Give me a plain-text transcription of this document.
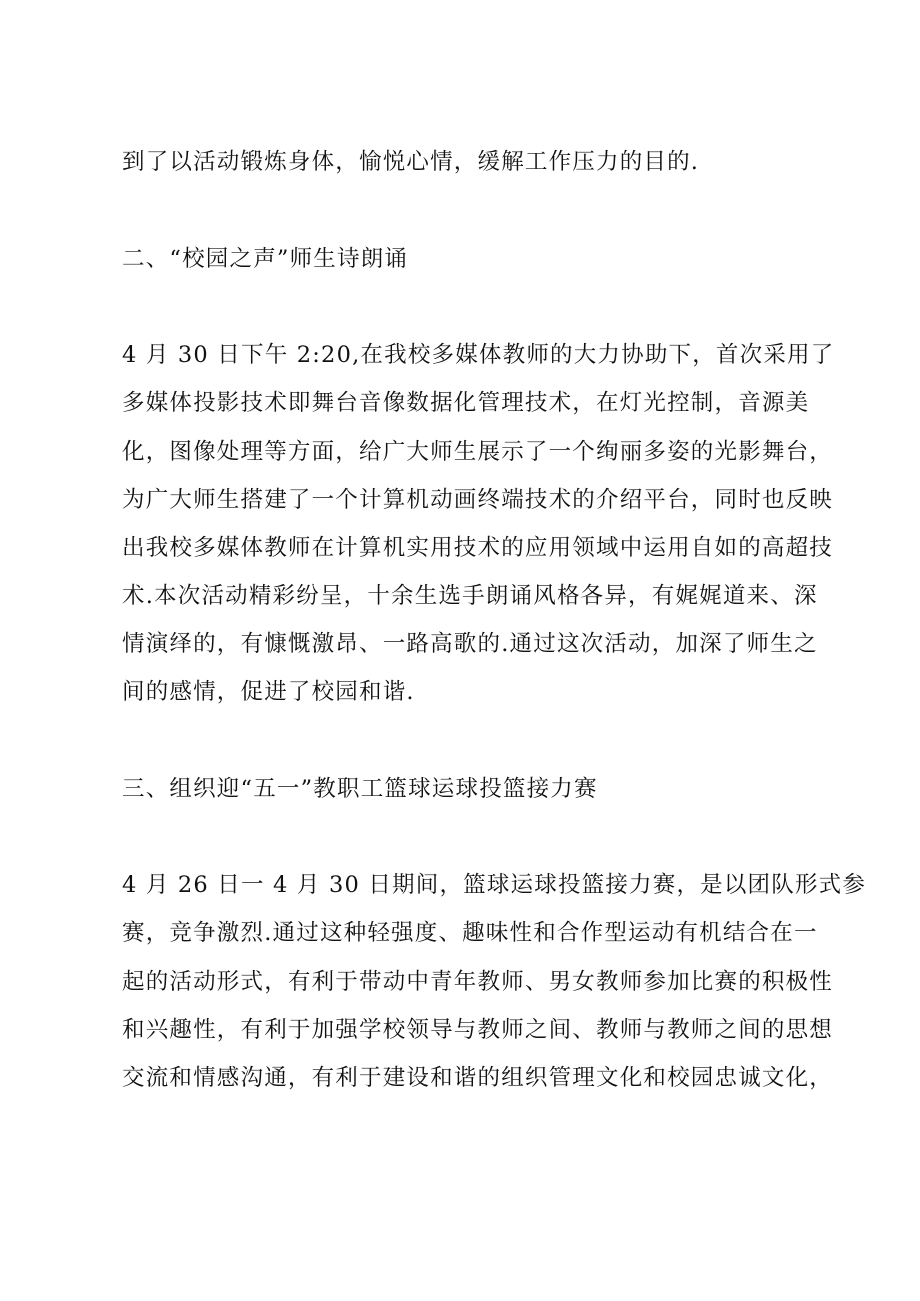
到了以活动锻炼身体，愉悦心情，缓解工作压力的目的.
二、“校园之声”师生诗朗诵
4 月 30 日下午 2:20,在我校多媒体教师的大力协助下，首次采用了
多媒体投影技术即舞台音像数据化管理技术，在灯光控制，音源美
化，图像处理等方面，给广大师生展示了一个绚丽多姿的光影舞台，
为广大师生搭建了一个计算机动画终端技术的介绍平台，同时也反映
出我校多媒体教师在计算机实用技术的应用领域中运用自如的高超技
术.本次活动精彩纷呈，十余生选手朗诵风格各异，有娓娓道来、深
情演绎的，有慷慨激昂、一路高歌的.通过这次活动，加深了师生之
间的感情，促进了校园和谐.
三、组织迎“五一”教职工篮球运球投篮接力赛
4 月 26 日一 4 月 30 日期间，篮球运球投篮接力赛，是以团队形式参
赛，竞争激烈.通过这种轻强度、趣味性和合作型运动有机结合在一
起的活动形式，有利于带动中青年教师、男女教师参加比赛的积极性
和兴趣性，有利于加强学校领导与教师之间、教师与教师之间的思想
交流和情感沟通，有利于建设和谐的组织管理文化和校园忠诚文化，
